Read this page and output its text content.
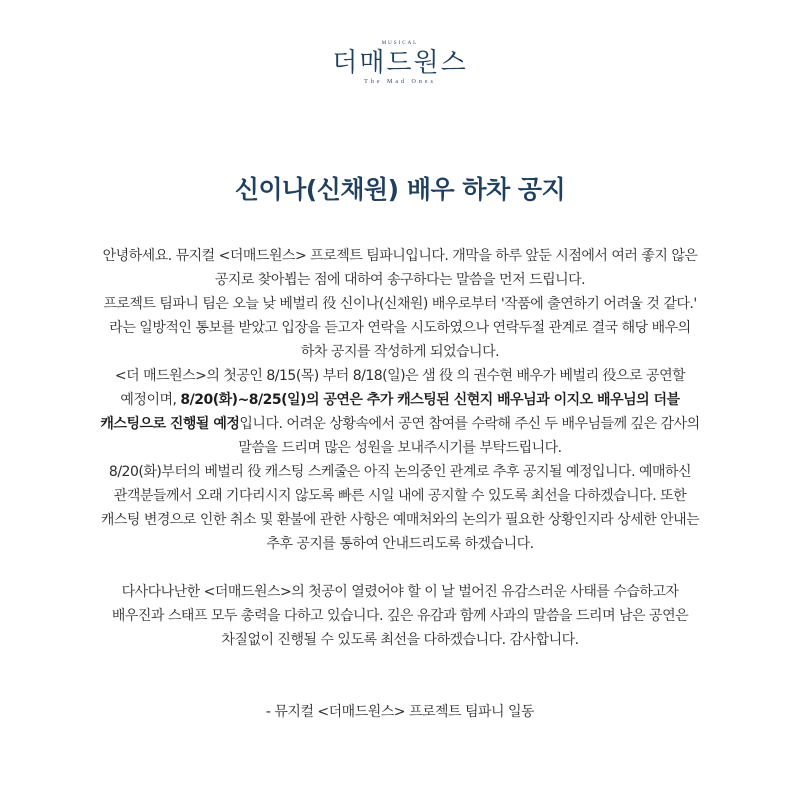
MUSICAL
더매드원스
The Mad Ones
신이나(신채원) 배우 하차 공지

안녕하세요. 뮤지컬 <더매드원스> 프로젝트 팀파니입니다. 개막을 하루 앞둔 시점에서 여러 좋지 않은

공지로 찾아뵙는 점에 대하여 송구하다는 말씀을 먼저 드립니다.

프로젝트 팀파니 팀은 오늘 낮 베벌리 役 신이나(신채원) 배우로부터 '작품에 출연하기 어려울 것 같다.'

라는 일방적인 통보를 받았고 입장을 듣고자 연락을 시도하였으나 연락두절 관계로 결국 해당 배우의

하차 공지를 작성하게 되었습니다.

<더 매드원스>의 첫공인 8/15(목) 부터 8/18(일)은 샘 役 의 권수현 배우가 베벌리 役으로 공연할

예정이며, 8/20(화)~8/25(일)의 공연은 추가 캐스팅된 신현지 배우님과 이지오 배우님의 더블

캐스팅으로 진행될 예정입니다. 어려운 상황속에서 공연 참여를 수락해 주신 두 배우님들께 깊은 감사의

말씀을 드리며 많은 성원을 보내주시기를 부탁드립니다.

8/20(화)부터의 베벌리 役 캐스팅 스케줄은 아직 논의중인 관계로 추후 공지될 예정입니다. 예매하신

관객분들께서 오래 기다리시지 않도록 빠른 시일 내에 공지할 수 있도록 최선을 다하겠습니다. 또한

캐스팅 변경으로 인한 취소 및 환불에 관한 사항은 예매처와의 논의가 필요한 상황인지라 상세한 안내는

추후 공지를 통하여 안내드리도록 하겠습니다.

다사다나난한 <더매드원스>의 첫공이 열렸어야 할 이 날 벌어진 유감스러운 사태를 수습하고자

배우진과 스태프 모두 총력을 다하고 있습니다. 깊은 유감과 함께 사과의 말씀을 드리며 남은 공연은

차질없이 진행될 수 있도록 최선을 다하겠습니다. 감사합니다.

- 뮤지컬 <더매드원스> 프로젝트 팀파니 일동
